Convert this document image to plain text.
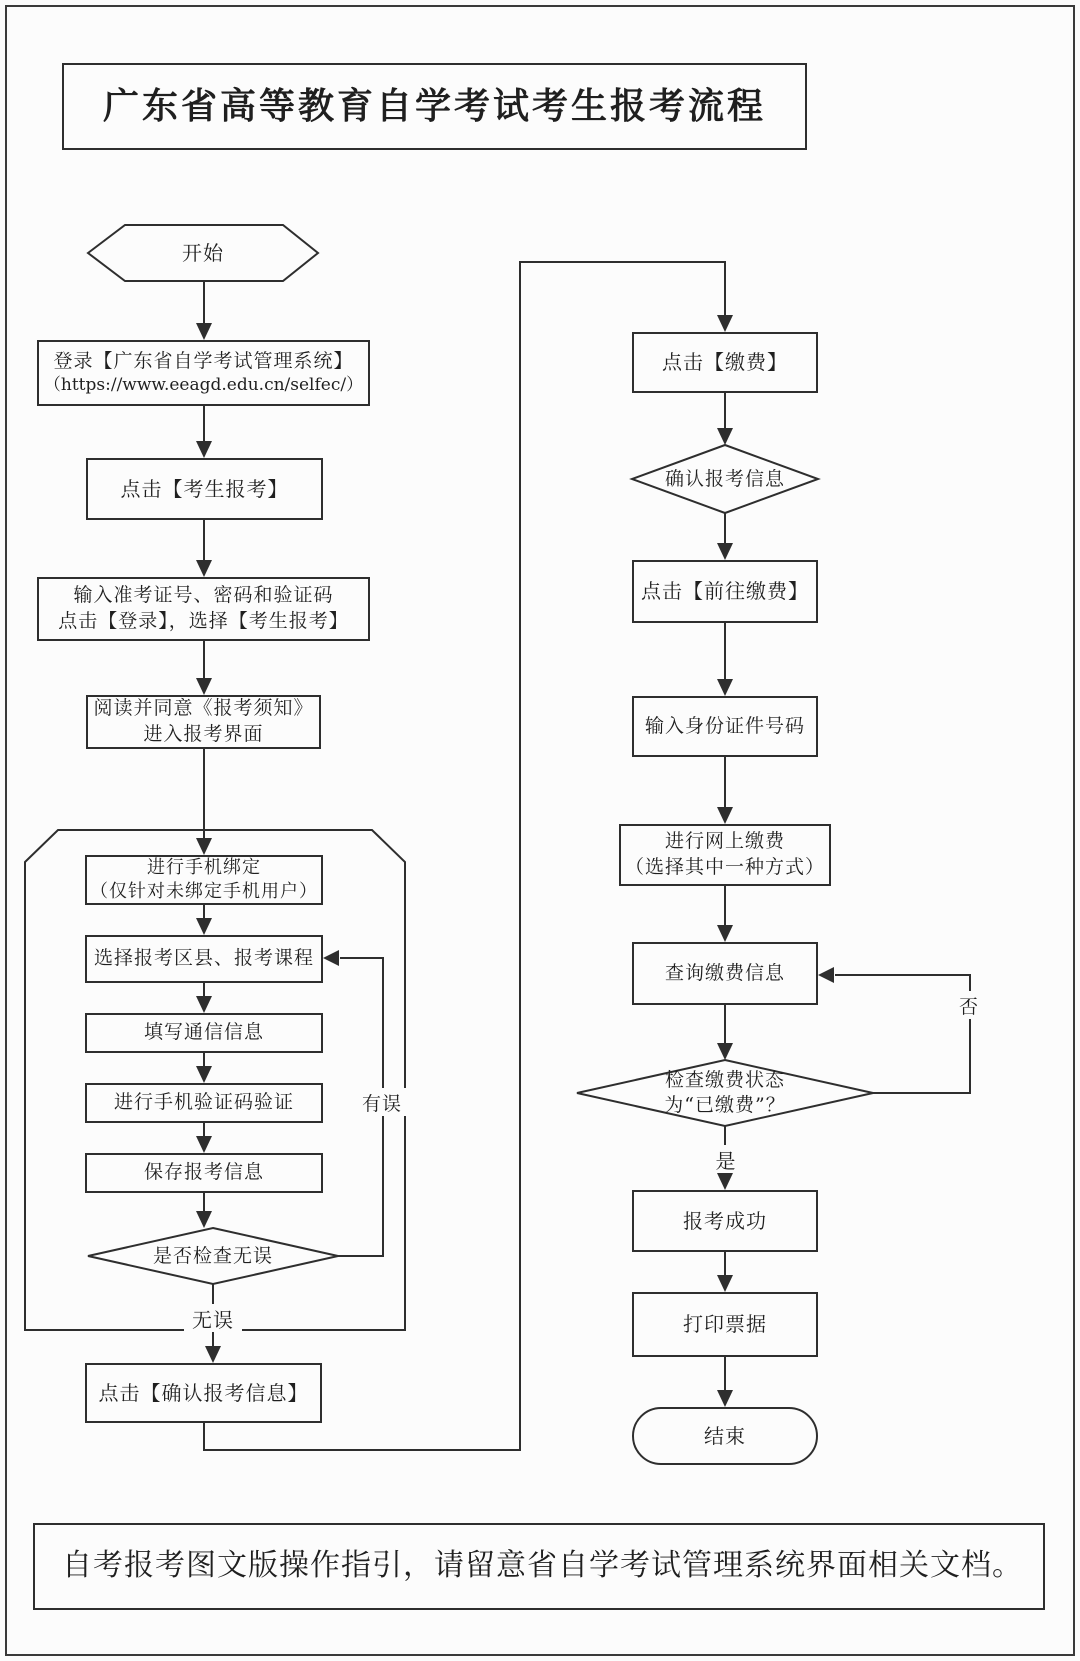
广东省高等教育自学考试考生报考流程
开始
登录【广东省自学考试管理系统】
（https://www.eeagd.edu.cn/selfec/）
点击【考生报考】
输入准考证号、密码和验证码
点击【登录】，选择【考生报考】
阅读并同意《报考须知》
进入报考界面
进行手机绑定
（仅针对未绑定手机用户）
选择报考区县、报考课程
填写通信信息
进行手机验证码验证
保存报考信息
是否检查无误
点击【确认报考信息】
点击【缴费】
确认报考信息
点击【前往缴费】
输入身份证件号码
进行网上缴费
（选择其中一种方式）
查询缴费信息
检查缴费状态
为“已缴费”？
报考成功
打印票据
结束
有误
无误
否
是
自考报考图文版操作指引，请留意省自学考试管理系统界面相关文档。
